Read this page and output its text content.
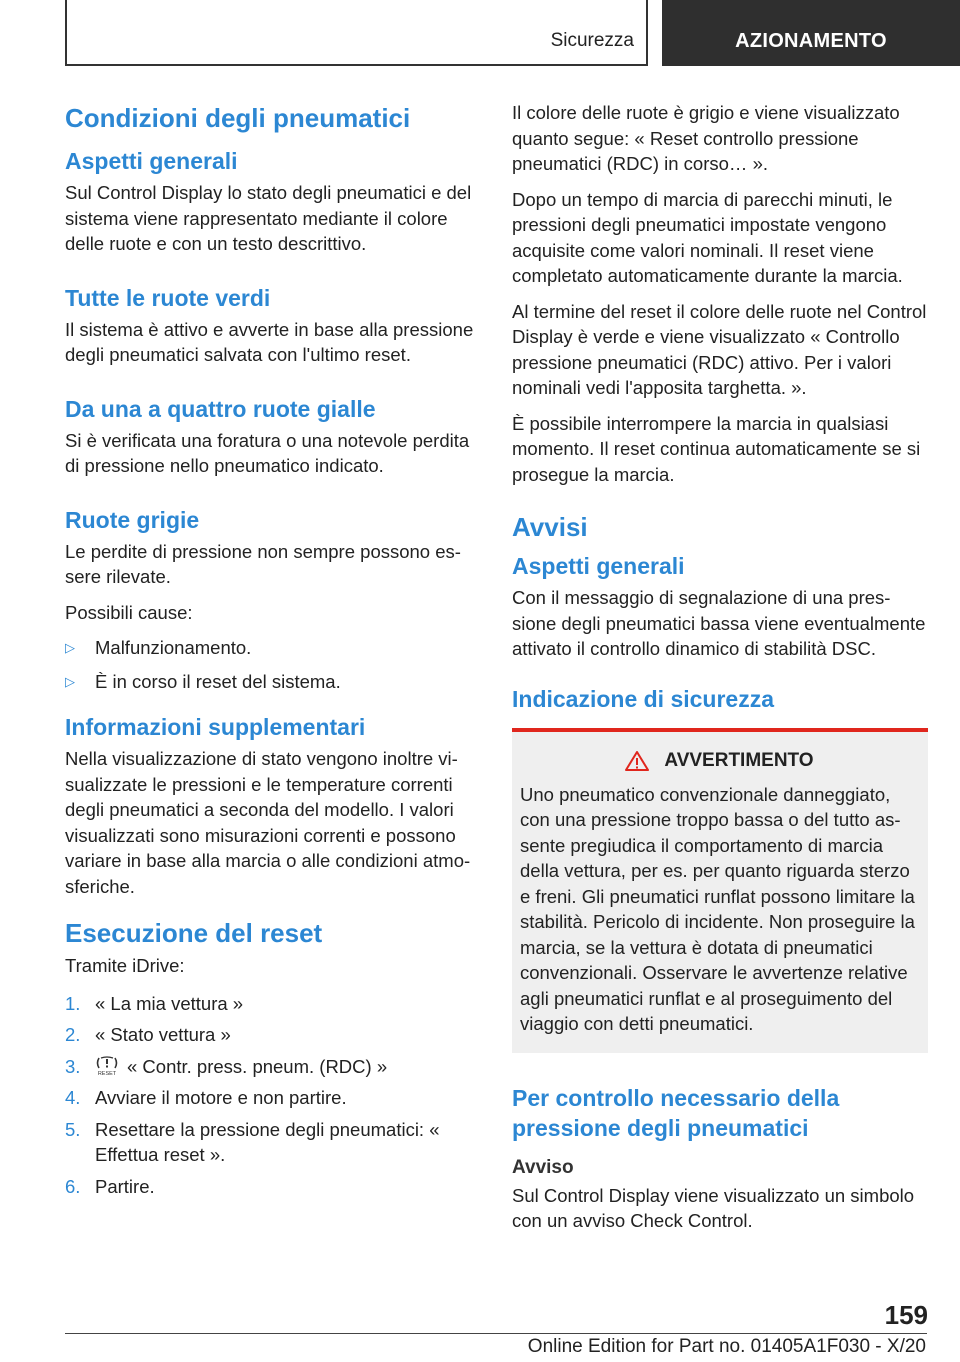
Sicurezza	AZIONAMENTO
Condizioni degli pneumatici
Aspetti generali

Sul Control Display lo stato degli pneumatici e del sistema viene rappresentato mediante il colore delle ruote e con un testo descrittivo.

Tutte le ruote verdi

Il sistema è attivo e avverte in base alla pressione degli pneumatici salvata con l'ultimo reset.

Da una a quattro ruote gialle

Si è verificata una foratura o una notevole perdita di pressione nello pneumatico indicato.

Ruote grigie

Le perdite di pressione non sempre possono essere rilevate.

Possibili cause:

▷ Malfunzionamento.
▷ È in corso il reset del sistema.
Informazioni supplementari

Nella visualizzazione di stato vengono inoltre visualizzate le pressioni e le temperature correnti degli pneumatici a seconda del modello. I valori visualizzati sono misurazioni correnti e possono variare in base alla marcia o alle condizioni atmosferiche.

Esecuzione del reset

Tramite iDrive:

1. « La mia vettura »
2. « Stato vettura »
3.	RESET « Contr. press. pneum. (RDC) »
4. Avviare il motore e non partire.
5. Resettare la pressione degli pneumatici: « Effettua reset ».
6. Partire.

Il colore delle ruote è grigio e viene visualizzato quanto segue: « Reset controllo pressione pneumatici (RDC) in corso… ».

Dopo un tempo di marcia di parecchi minuti, le pressioni degli pneumatici impostate vengono acquisite come valori nominali. Il reset viene completato automaticamente durante la marcia.

Al termine del reset il colore delle ruote nel Control Display è verde e viene visualizzato « Controllo pressione pneumatici (RDC) attivo. Per i valori nominali vedi l'apposita targhetta. ».

È possibile interrompere la marcia in qualsiasi momento. Il reset continua automaticamente se si prosegue la marcia.

Avvisi
Aspetti generali

Con il messaggio di segnalazione di una pressione degli pneumatici bassa viene eventualmente attivato il controllo dinamico di stabilità DSC.

Indicazione di sicurezza
AVVERTIMENTO

Uno pneumatico convenzionale danneggiato, con una pressione troppo bassa o del tutto assente pregiudica il comportamento di marcia della vettura, per es. per quanto riguarda sterzo e freni. Gli pneumatici runflat possono limitare la stabilità. Pericolo di incidente. Non proseguire la marcia, se la vettura è dotata di pneumatici convenzionali. Osservare le avvertenze relative agli pneumatici runflat e al proseguimento del viaggio con detti pneumatici.

Per controllo necessario della pressione degli pneumatici
Avviso

Sul Control Display viene visualizzato un simbolo con un avviso Check Control.

159
Online Edition for Part no. 01405A1F030 - X/20
